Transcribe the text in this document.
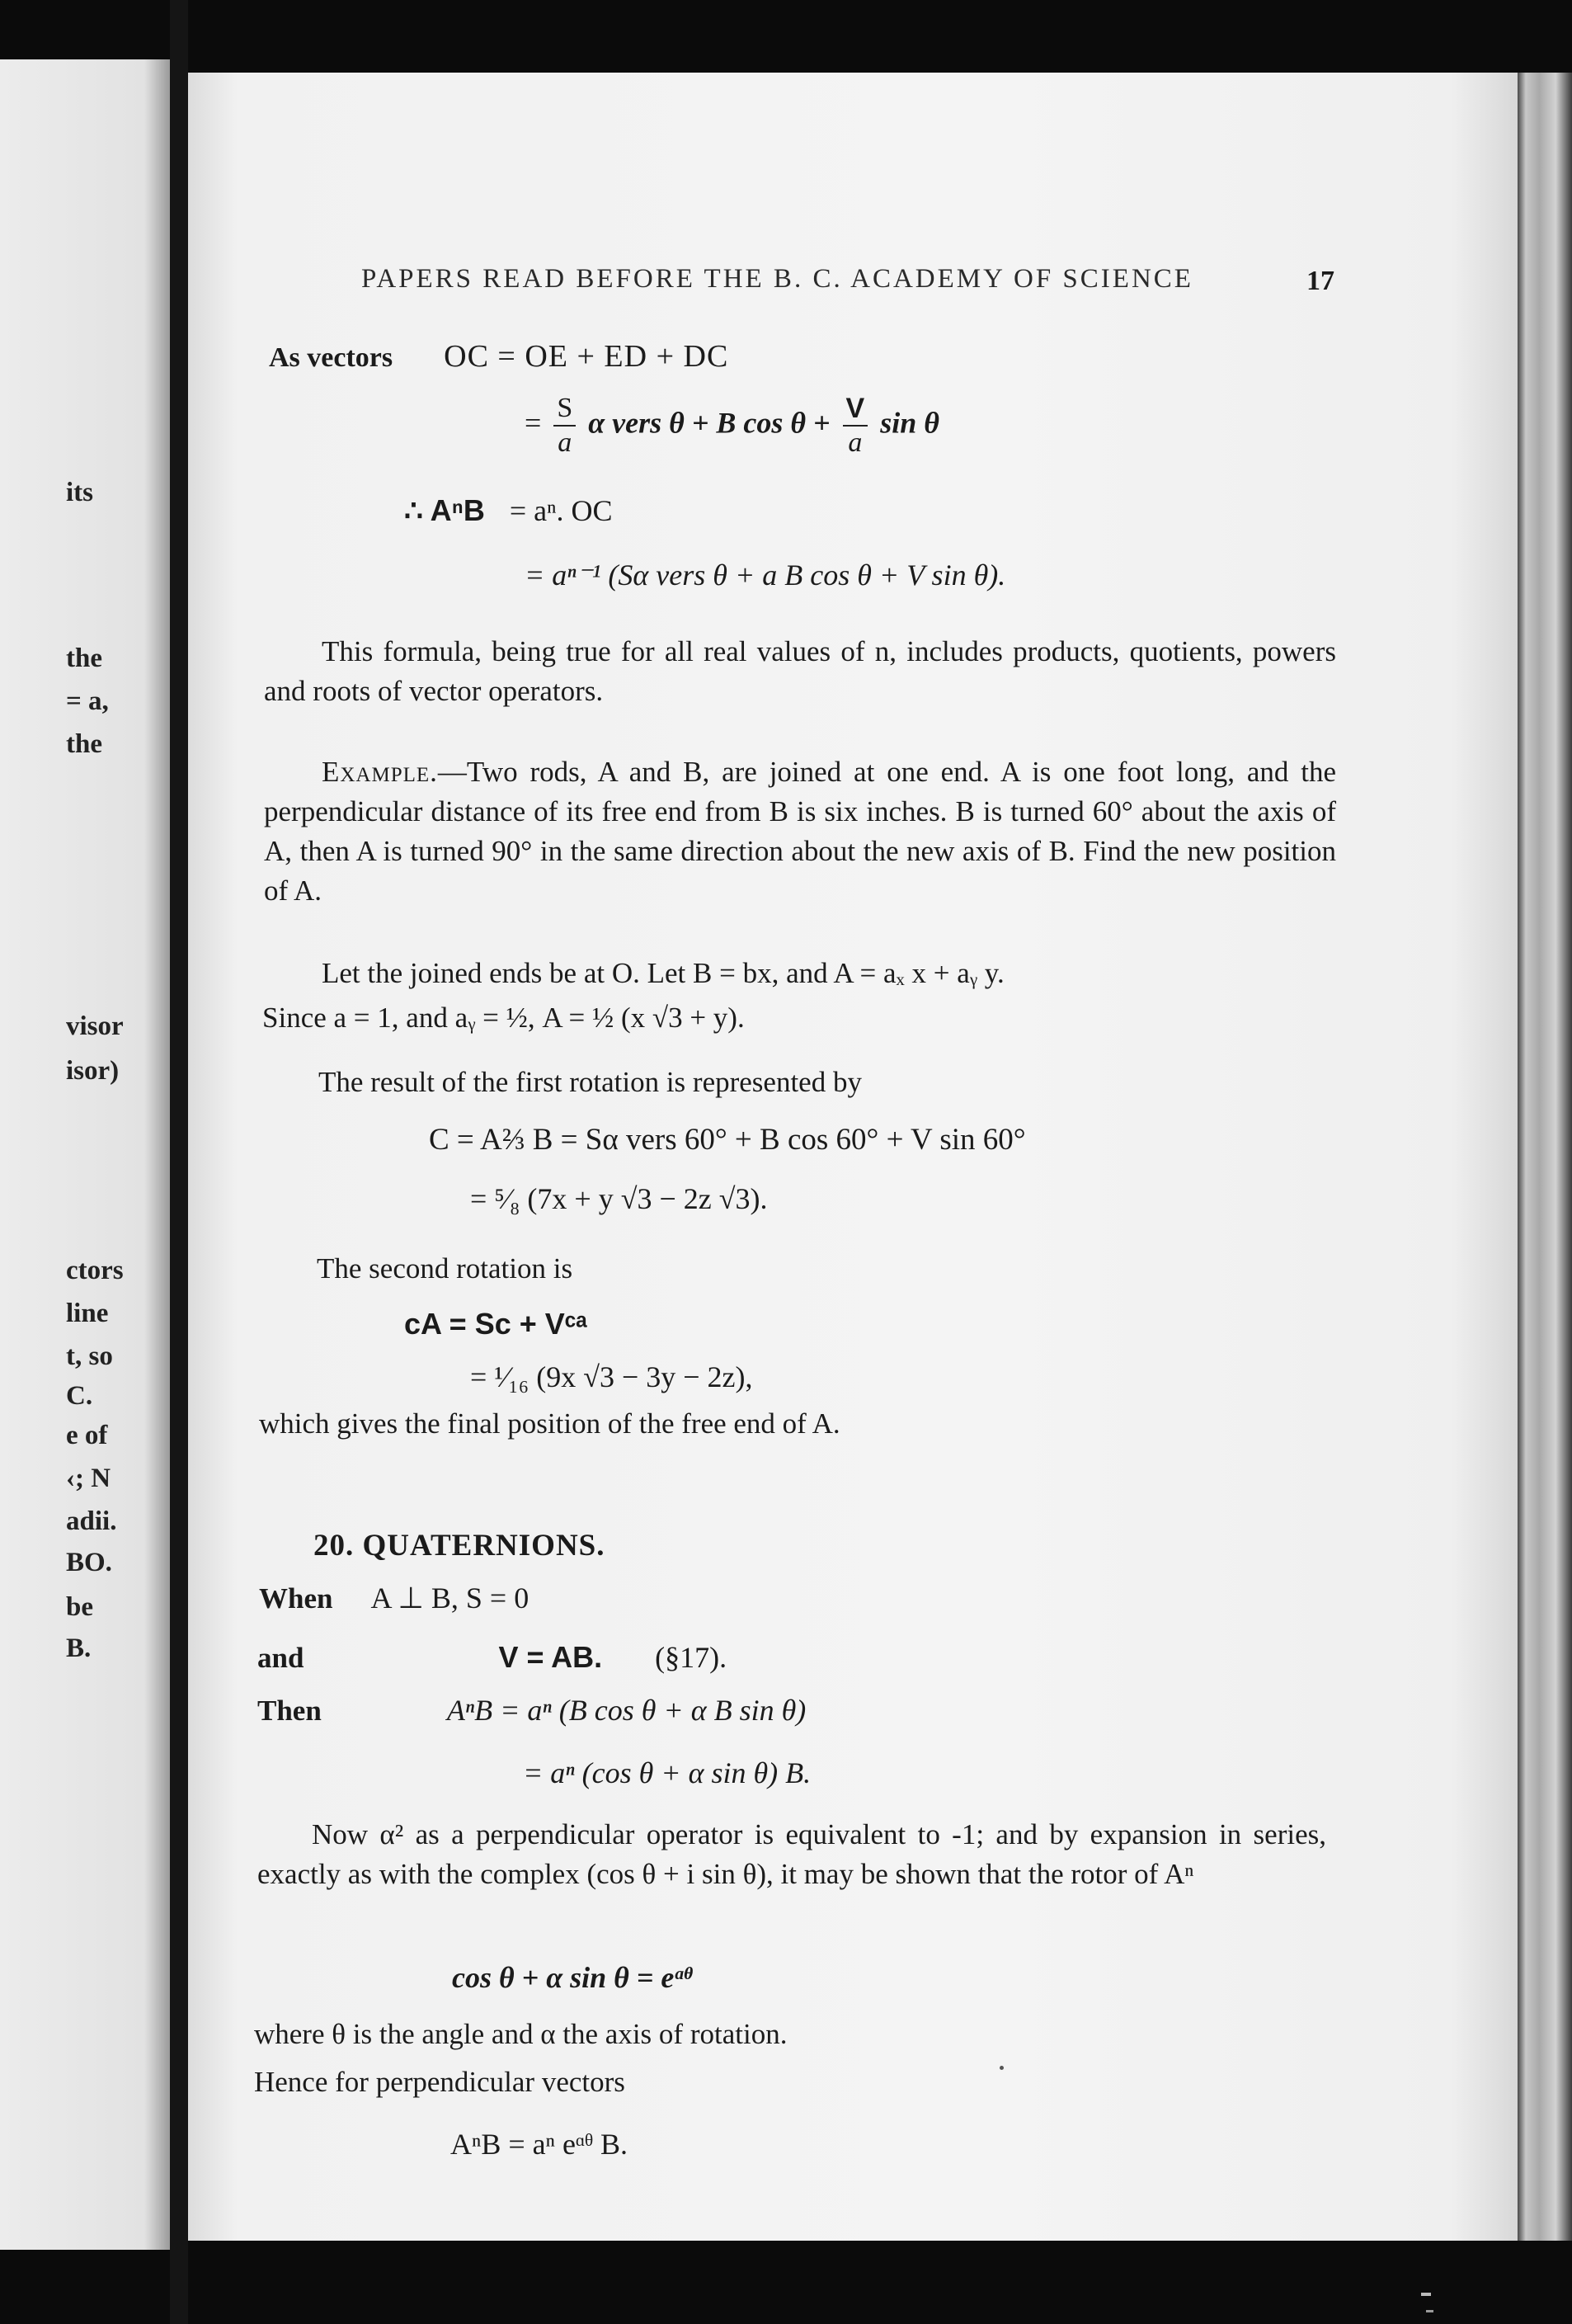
its
the
= a,
the
visor
isor)
ctors
line
t, so
C.
e of
‹; N
adii.
BO.
be
B.
PAPERS READ BEFORE THE B. C. ACADEMY OF SCIENCE	17
As vectors OC = OE + ED + DC
= $\frac{S}{a}$ α vers θ + B $\cos \theta + \frac{V}{a}$ sin θ
∴ AⁿB = aⁿ. OC
= aⁿ⁻¹ (Sα vers θ + a B cos θ + V sin θ).
This formula, being true for all real values of n, includes products, quotients, powers and roots of vector operators.
Example.—Two rods, A and B, are joined at one end. A is one foot long, and the perpendicular distance of its free end from B is six inches. B is turned 60° about the axis of A, then A is turned 90° in the same direction about the new axis of B. Find the new position of A.
Let the joined ends be at O. Let B = bx, and A = aₓ x + aᵧ y.
Since a = 1, and aᵧ = ½, A = ½ (x √3 + y).
The result of the first rotation is represented by
C = A⅔ B = Sα vers 60° + B cos 60° + V sin 60°
= ⁵⁄₈ (7x + y √3 − 2z √3).
The second rotation is
cA = Sc + Vᶜᵃ
= ¹⁄₁₆ (9x √3 − 3y − 2z),
which gives the final position of the free end of A.
20. QUATERNIONS.
When A ⊥ B, S = 0
and	V = AB. (§17).
Then	AⁿB = aⁿ (B cos θ + α B sin θ)
= aⁿ (cos θ + α sin θ) B.
Now α² as a perpendicular operator is equivalent to -1; and by expansion in series, exactly as with the complex (cos θ + i sin θ), it may be shown that the rotor of Aⁿ
cos θ + α sin θ = eᵅᶿ
where θ is the angle and α the axis of rotation.
Hence for perpendicular vectors
AⁿB = aⁿ eᵅᶿ B.
